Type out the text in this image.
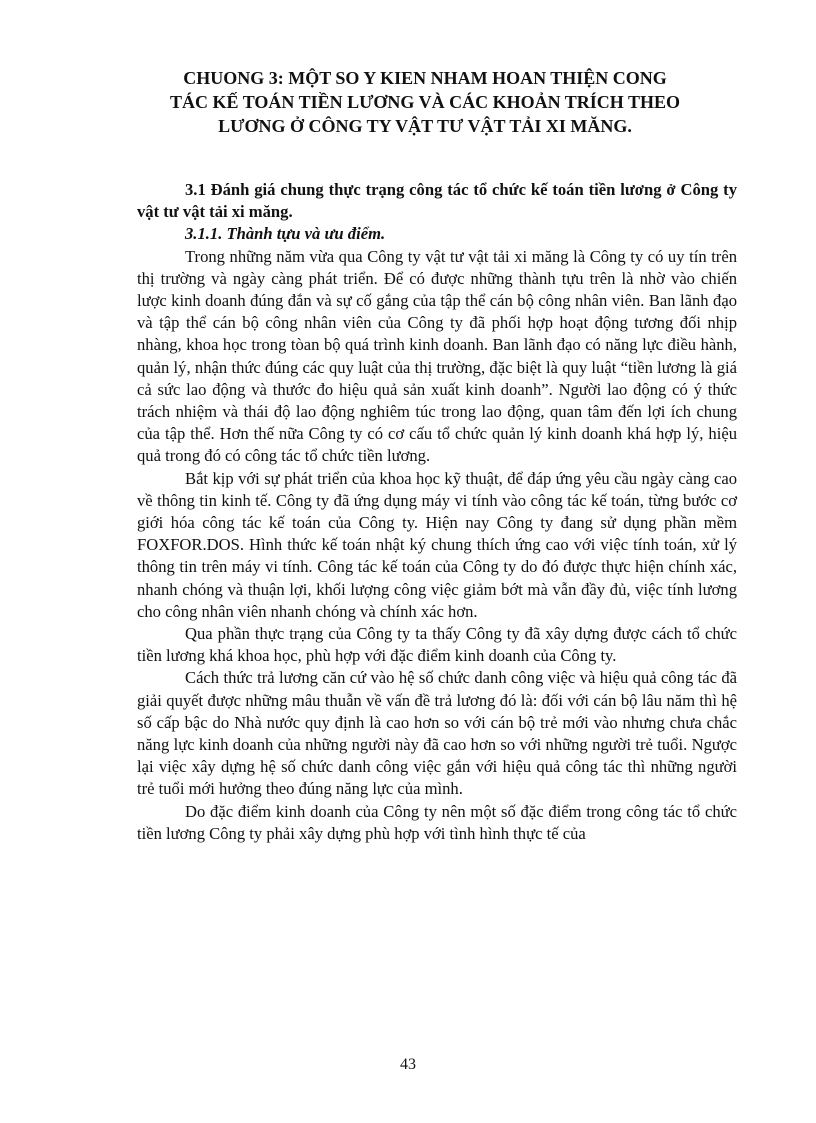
CHUONG 3: MỘT SO Y KIEN NHAM HOAN THIỆN CONG
TÁC KẾ TOÁN TIỀN LƯƠNG VÀ CÁC KHOẢN TRÍCH THEO
LƯƠNG Ở CÔNG TY VẬT TƯ VẬT TẢI XI MĂNG.

3.1 Đánh giá chung thực trạng công tác tổ chức kế toán tiền lương ở Công ty vật tư vật tải xi măng.

3.1.1. Thành tựu và ưu điểm.

Trong những năm vừa qua Công ty vật tư vật tải xi măng là Công ty có uy tín trên thị trường và ngày càng phát triển. Để có được những thành tựu trên là nhờ vào chiến lược kinh doanh đúng đắn và sự cố gắng của tập thể cán bộ công nhân viên. Ban lãnh đạo và tập thể cán bộ công nhân viên của Công ty đã phối hợp hoạt động tương đối nhịp nhàng, khoa học trong tòan bộ quá trình kinh doanh. Ban lãnh đạo có năng lực điều hành, quản lý, nhận thức đúng các quy luật của thị trường, đặc biệt là quy luật “tiền lương là giá cả sức lao động và thước đo hiệu quả sản xuất kinh doanh”. Người lao động có ý thức trách nhiệm và thái độ lao động nghiêm túc trong lao động, quan tâm đến lợi ích chung của tập thể. Hơn thế nữa Công ty có cơ cấu tổ chức quản lý kinh doanh khá hợp lý, hiệu quả trong đó có công tác tổ chức tiền lương.

Bắt kịp với sự phát triển của khoa học kỹ thuật, để đáp ứng yêu cầu ngày càng cao về thông tin kinh tế. Công ty đã ứng dụng máy vi tính vào công tác kế toán, từng bước cơ giới hóa công tác kế toán của Công ty. Hiện nay Công ty đang sử dụng phần mềm FOXFOR.DOS. Hình thức kế toán nhật ký chung thích ứng cao với việc tính toán, xử lý thông tin trên máy vi tính. Công tác kế toán của Công ty do đó được thực hiện chính xác, nhanh chóng và thuận lợi, khối lượng công việc giảm bớt mà vẫn đầy đủ, việc tính lương cho công nhân viên nhanh chóng và chính xác hơn.

Qua phần thực trạng của Công ty ta thấy Công ty đã xây dựng được cách tổ chức tiền lương khá khoa học, phù hợp với đặc điểm kinh doanh của Công ty.

Cách thức trả lương căn cứ vào hệ số chức danh công việc và hiệu quả công tác đã giải quyết được những mâu thuẫn về vấn đề trả lương đó là: đối với cán bộ lâu năm thì hệ số cấp bậc do Nhà nước quy định là cao hơn so với cán bộ trẻ mới vào nhưng chưa chắc năng lực kinh doanh của những người này đã cao hơn so với những người trẻ tuổi. Ngược lại việc xây dựng hệ số chức danh công việc gắn với hiệu quả công tác thì những người trẻ tuổi mới hưởng theo đúng năng lực của mình.

Do đặc điểm kinh doanh của Công ty nên một số đặc điểm trong công tác tổ chức tiền lương Công ty phải xây dựng phù hợp với tình hình thực tế của

43
